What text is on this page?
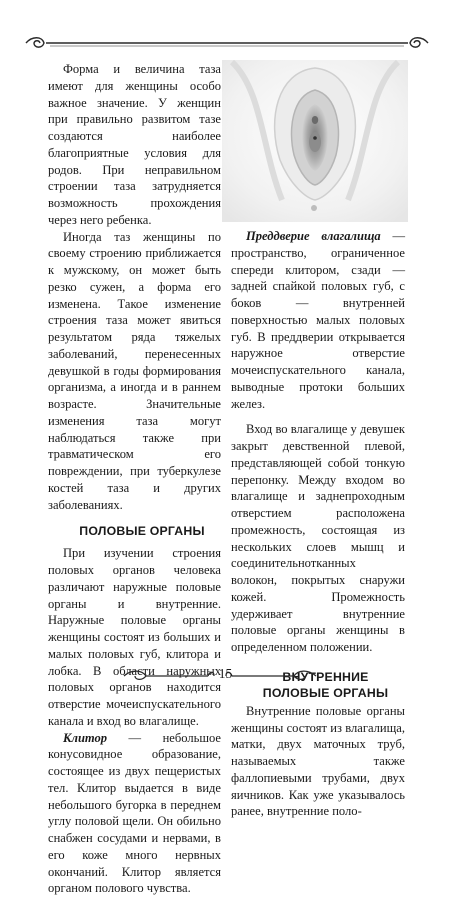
Форма и величина таза имеют для женщины особо важное значение. У женщин при правильно развитом тазе создаются наиболее благоприятные условия для родов. При неправильном строении таза затрудняется возможность прохождения через него ребенка.

Иногда таз женщины по своему строению приближается к мужскому, он может быть резко сужен, а форма его изменена. Такое изменение строения таза может явиться результатом ряда тяжелых заболеваний, перенесенных девушкой в годы формирования организма, а иногда и в раннем возрасте. Значительные изменения таза могут наблюдаться также при травматическом его повреждении, при туберкулезе костей таза и других заболеваниях.

ПОЛОВЫЕ ОРГАНЫ

При изучении строения половых органов человека различают наружные половые органы и внутренние. Наружные половые органы женщины состоят из больших и малых половых губ, клитора и лобка. В области наружных половых органов находится отверстие мочеиспускательного канала и вход во влагалище.

Клитор — небольшое конусовидное образование, состоящее из двух пещеристых тел. Клитор выдается в виде небольшого бугорка в переднем углу половой щели. Он обильно снабжен сосудами и нервами, в его коже много нервных окончаний. Клитор является органом полового чувства.

Преддверие влагалища — пространство, ограниченное спереди клитором, сзади — задней спайкой половых губ, с боков — внутренней поверхностью малых половых губ. В преддверии открывается наружное отверстие мочеиспускательного канала, выводные протоки больших желез.

Вход во влагалище у девушек закрыт девственной плевой, представляющей собой тонкую перепонку. Между входом во влагалище и заднепроходным отверстием расположена промежность, состоящая из нескольких слоев мышц и соединительнотканных волокон, покрытых снаружи кожей. Промежность удерживает внутренние половые органы женщины в определенном положении.

ВНУТРЕННИЕ

ПОЛОВЫЕ ОРГАНЫ

Внутренние половые органы женщины состоят из влагалища, матки, двух маточных труб, называемых также фаллопиевыми трубами, двух яичников. Как уже указывалось ранее, внутренние поло-

15
